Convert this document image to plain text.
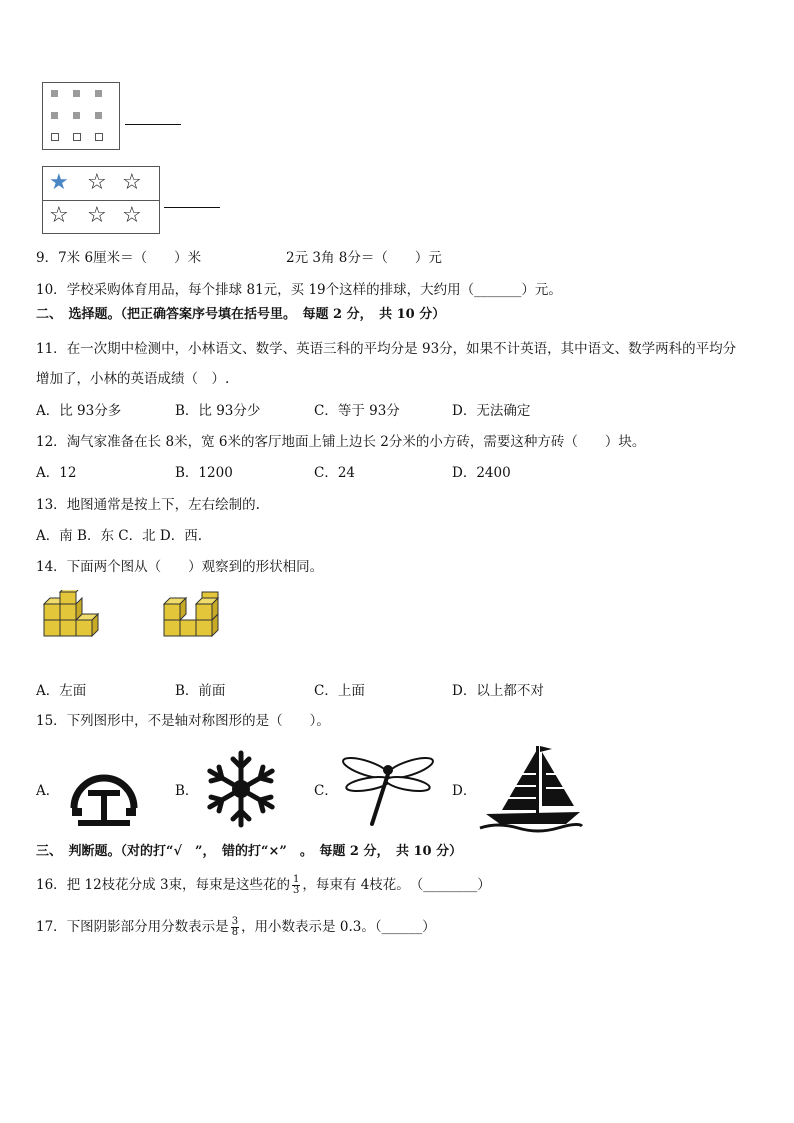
★ ☆ ☆
☆ ☆ ☆
9．7米 6厘米＝（　　）米	2元 3角 8分＝（　　）元
10．学校采购体育用品，每个排球 81元，买 19个这样的排球，大约用（_______）元。
二、　选择题。（把正确答案序号填在括号里。　每题 2 分，　共 10 分）
11．在一次期中检测中，小林语文、数学、英语三科的平均分是 93分，如果不计英语，其中语文、数学两科的平均分
增加了，小林的英语成绩（　）.
A．比 93分多	B．比 93分少	C．等于 93分	D．无法确定
12．淘气家准备在长 8米，宽 6米的客厅地面上铺上边长 2分米的小方砖，需要这种方砖（　　）块。
A．12	B．1200	C．24	D．2400
13．地图通常是按上下，左右绘制的.
A．南 B．东 C．北 D．西.
14．下面两个图从（　　）观察到的形状相同。
A．左面	B．前面	C．上面	D．以上都不对
15．下列图形中，不是轴对称图形的是（　　）。
A．	B．	C．	D．
三、　判断题。（对的打“√　”，　错的打“×”　。　每题 2 分，　共 10 分）
16．把 12枝花分成 3束，每束是这些花的 $\frac{1}{3}$ ，每束有 4枝花。　（________）
17．下图阴影部分用分数表示是 $\frac{3}{8}$ ，用小数表示是 0.3。（______）
